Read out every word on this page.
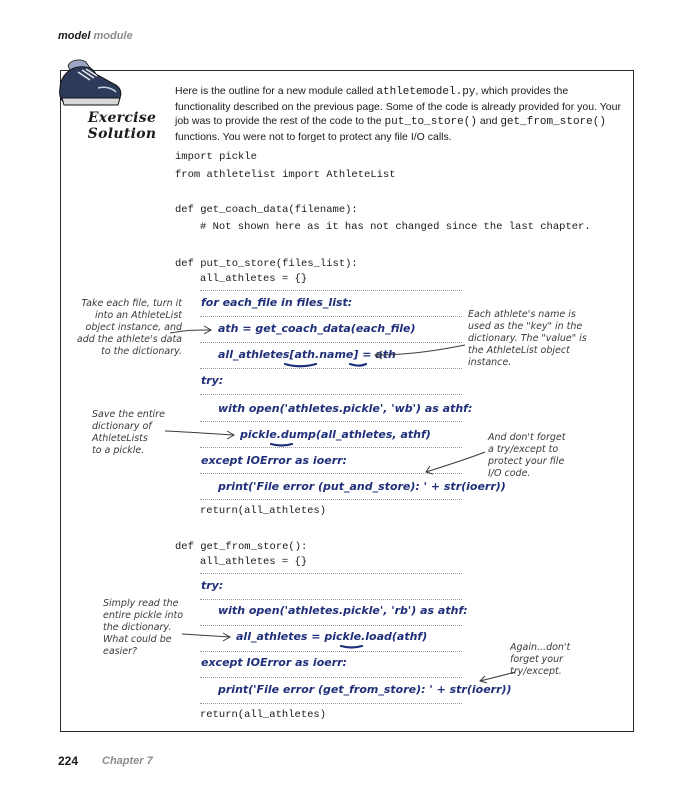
model module
Exercise
Solution
Here is the outline for a new module called athletemodel.py, which provides the functionality described on the previous page. Some of the code is already provided for you. Your job was to provide the rest of the code to the put_to_store() and get_from_store() functions. You were not to forget to protect any file I/O calls.
import pickle
from athletelist import AthleteList
def get_coach_data(filename):
# Not shown here as it has not changed since the last chapter.
def put_to_store(files_list):
all_athletes = {}
return(all_athletes)
def get_from_store():
all_athletes = {}
return(all_athletes)
for each_file in files_list:
ath = get_coach_data(each_file)
all_athletes[ath.name] = ath
try:
with open('athletes.pickle', 'wb') as athf:
pickle.dump(all_athletes, athf)
except IOError as ioerr:
print('File error (put_and_store): ' + str(ioerr))
try:
with open('athletes.pickle', 'rb') as athf:
all_athletes = pickle.load(athf)
except IOError as ioerr:
print('File error (get_from_store): ' + str(ioerr))
Take each file, turn it
into an AthleteList
object instance, and
add the athlete's data
to the dictionary.
Each athlete's name is
used as the "key" in the
dictionary. The "value" is
the AthleteList object
instance.
Save the entire
dictionary of
AthleteLists
to a pickle.
And don't forget
a try/except to
protect your file
I/O code.
Simply read the
entire pickle into
the dictionary.
What could be
easier?	Again...don't
forget your
try/except.
224 Chapter 7
